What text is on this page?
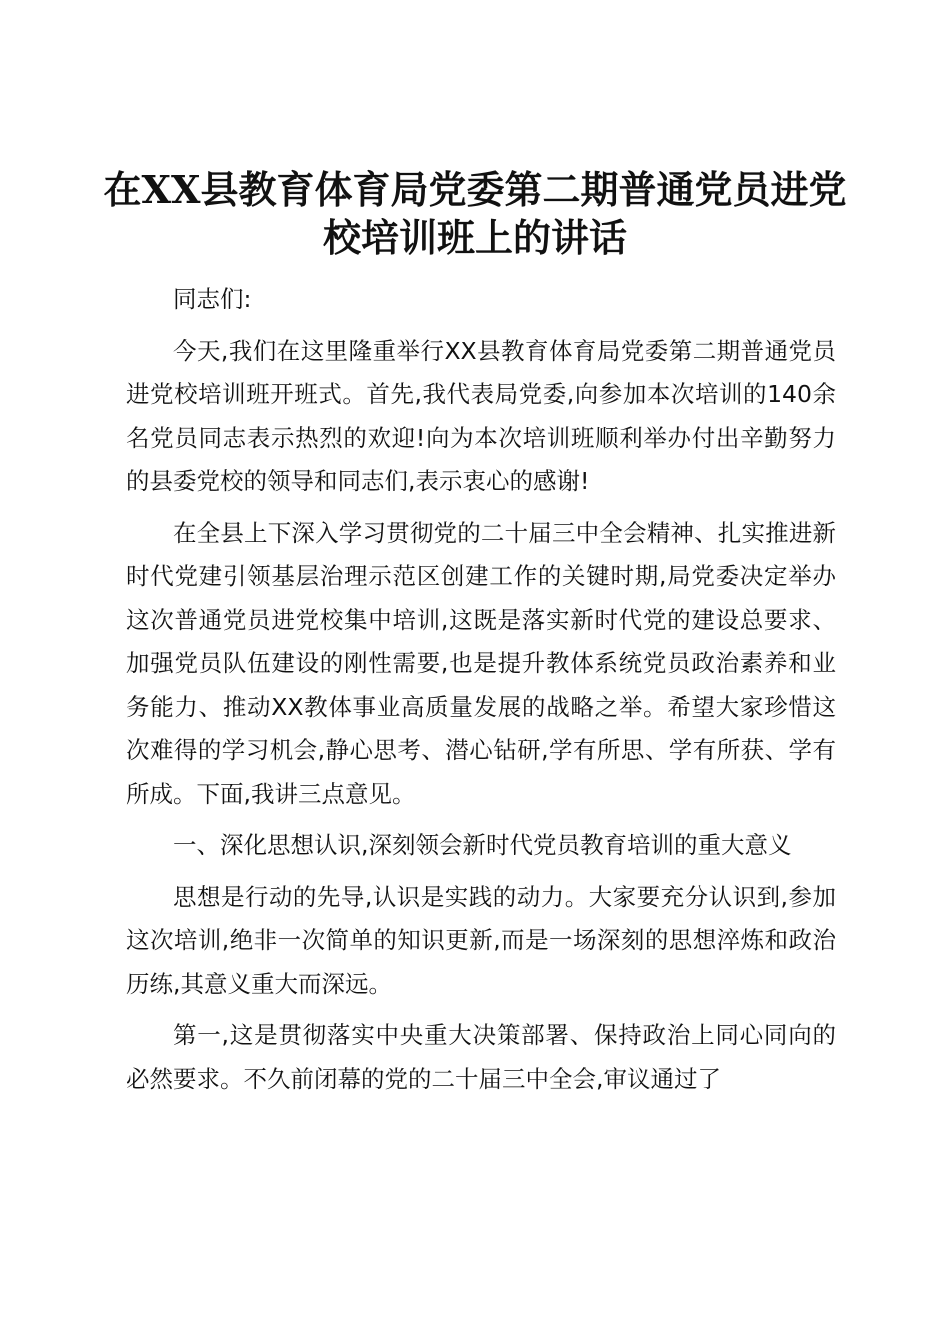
在XX县教育体育局党委第二期普通党员进党校培训班上的讲话

同志们:

今天,我们在这里隆重举行XX县教育体育局党委第二期普通党员进党校培训班开班式。首先,我代表局党委,向参加本次培训的140余名党员同志表示热烈的欢迎!向为本次培训班顺利举办付出辛勤努力的县委党校的领导和同志们,表示衷心的感谢!

在全县上下深入学习贯彻党的二十届三中全会精神、扎实推进新时代党建引领基层治理示范区创建工作的关键时期,局党委决定举办这次普通党员进党校集中培训,这既是落实新时代党的建设总要求、加强党员队伍建设的刚性需要,也是提升教体系统党员政治素养和业务能力、推动XX教体事业高质量发展的战略之举。希望大家珍惜这次难得的学习机会,静心思考、潜心钻研,学有所思、学有所获、学有所成。下面,我讲三点意见。

一、深化思想认识,深刻领会新时代党员教育培训的重大意义

思想是行动的先导,认识是实践的动力。大家要充分认识到,参加这次培训,绝非一次简单的知识更新,而是一场深刻的思想淬炼和政治历练,其意义重大而深远。

第一,这是贯彻落实中央重大决策部署、保持政治上同心同向的必然要求。不久前闭幕的党的二十届三中全会,审议通过了
